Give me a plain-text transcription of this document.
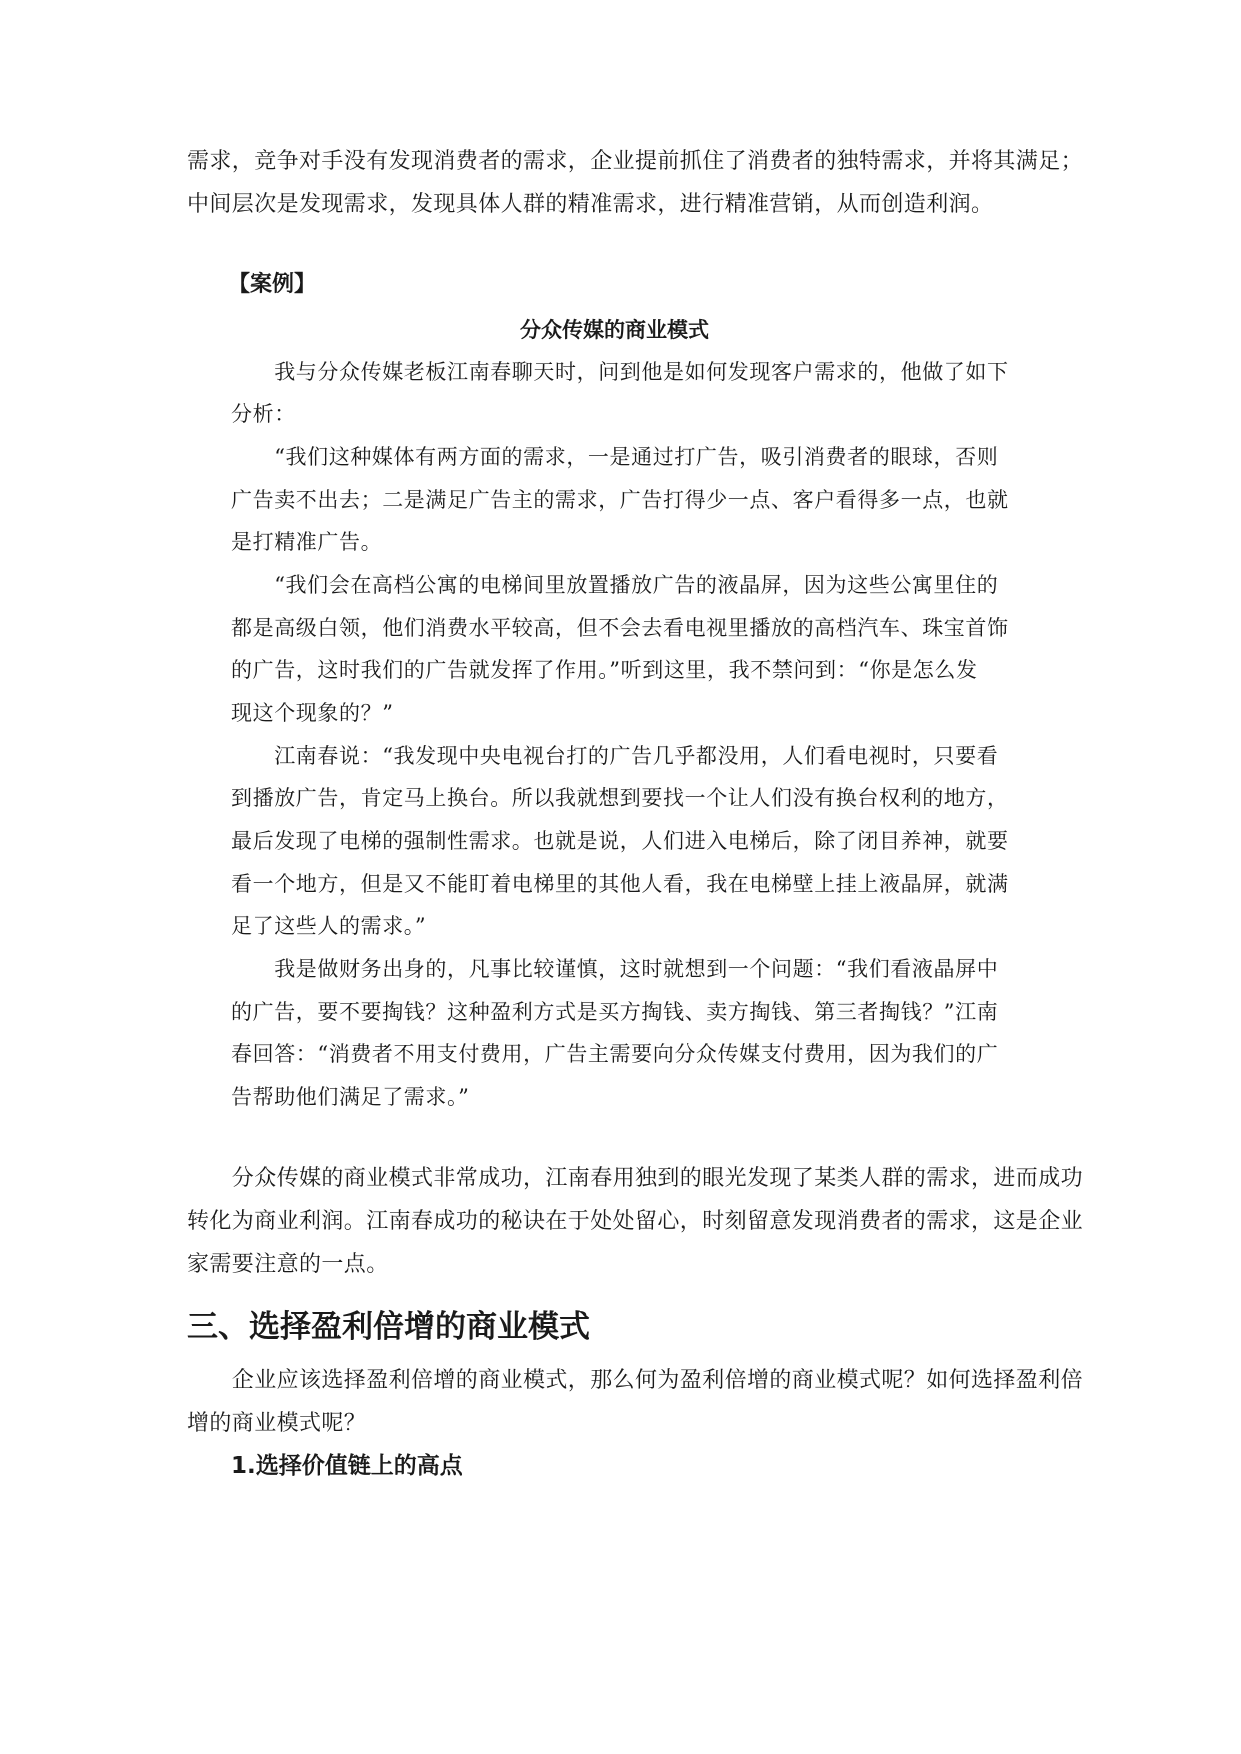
需求，竞争对手没有发现消费者的需求，企业提前抓住了消费者的独特需求，并将其满足；
中间层次是发现需求，发现具体人群的精准需求，进行精准营销，从而创造利润。
【案例】
分众传媒的商业模式
　　我与分众传媒老板江南春聊天时，问到他是如何发现客户需求的，他做了如下
分析：
　　“我们这种媒体有两方面的需求，一是通过打广告，吸引消费者的眼球，否则
广告卖不出去；二是满足广告主的需求，广告打得少一点、客户看得多一点，也就
是打精准广告。
　　“我们会在高档公寓的电梯间里放置播放广告的液晶屏，因为这些公寓里住的
都是高级白领，他们消费水平较高，但不会去看电视里播放的高档汽车、珠宝首饰
的广告，这时我们的广告就发挥了作用。”听到这里，我不禁问到：“你是怎么发
现这个现象的？”
　　江南春说：“我发现中央电视台打的广告几乎都没用，人们看电视时，只要看
到播放广告，肯定马上换台。所以我就想到要找一个让人们没有换台权利的地方，
最后发现了电梯的强制性需求。也就是说，人们进入电梯后，除了闭目养神，就要
看一个地方，但是又不能盯着电梯里的其他人看，我在电梯壁上挂上液晶屏，就满
足了这些人的需求。”
　　我是做财务出身的，凡事比较谨慎，这时就想到一个问题：“我们看液晶屏中
的广告，要不要掏钱？这种盈利方式是买方掏钱、卖方掏钱、第三者掏钱？”江南
春回答：“消费者不用支付费用，广告主需要向分众传媒支付费用，因为我们的广
告帮助他们满足了需求。”
　　分众传媒的商业模式非常成功，江南春用独到的眼光发现了某类人群的需求，进而成功
转化为商业利润。江南春成功的秘诀在于处处留心，时刻留意发现消费者的需求，这是企业
家需要注意的一点。
三、选择盈利倍增的商业模式
　　企业应该选择盈利倍增的商业模式，那么何为盈利倍增的商业模式呢？如何选择盈利倍
增的商业模式呢？
1.选择价值链上的高点
